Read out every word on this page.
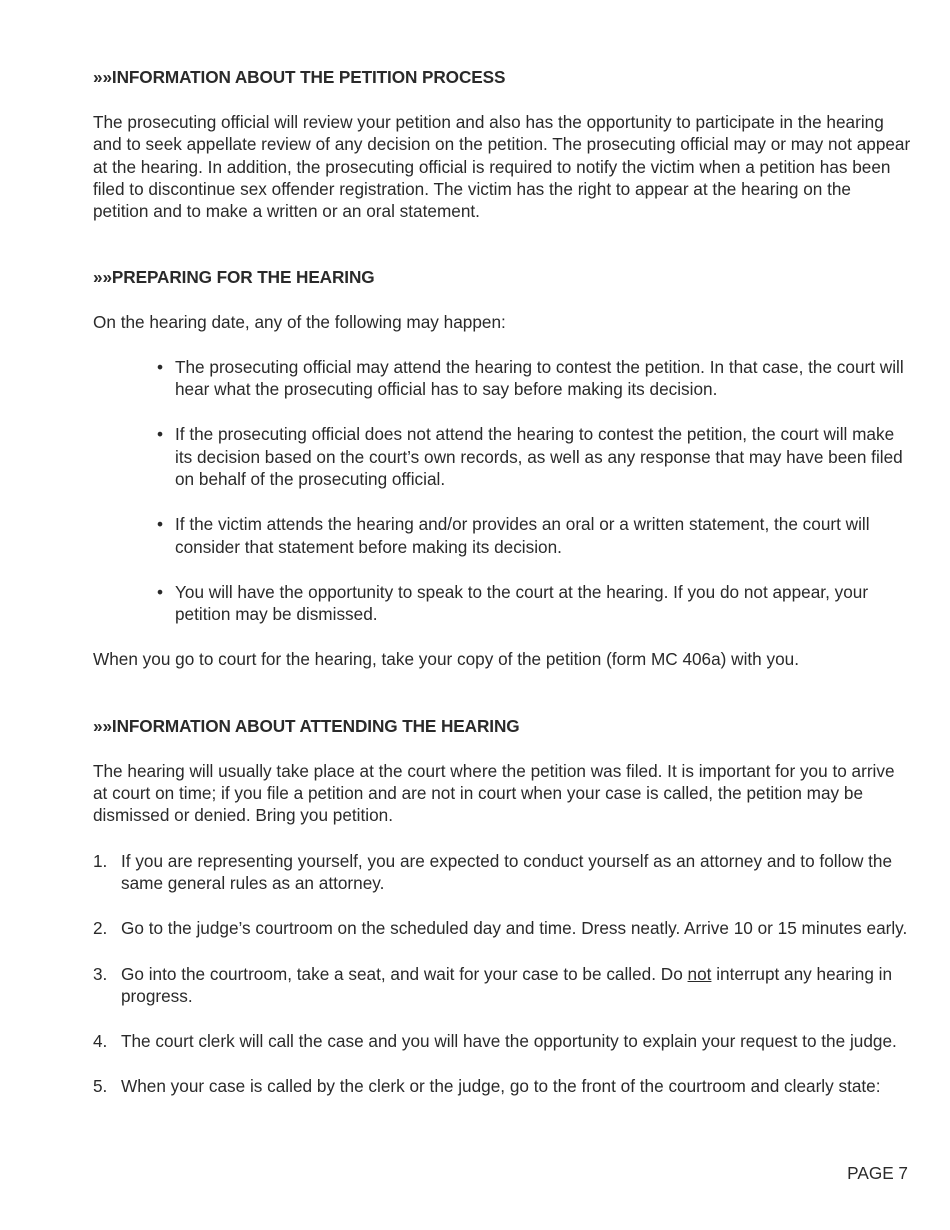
»»INFORMATION ABOUT THE PETITION PROCESS

The prosecuting official will review your petition and also has the opportunity to participate in the hearing and to seek appellate review of any decision on the petition. The prosecuting official may or may not appear at the hearing. In addition, the prosecuting official is required to notify the victim when a petition has been filed to discontinue sex offender registration. The victim has the right to appear at the hearing on the petition and to make a written or an oral statement.

»»PREPARING FOR THE HEARING

On the hearing date, any of the following may happen:

• The prosecuting official may attend the hearing to contest the petition. In that case, the court will hear what the prosecuting official has to say before making its decision.
• If the prosecuting official does not attend the hearing to contest the petition, the court will make its decision based on the court’s own records, as well as any response that may have been filed on behalf of the prosecuting official.
• If the victim attends the hearing and/or provides an oral or a written statement, the court will consider that statement before making its decision.
• You will have the opportunity to speak to the court at the hearing. If you do not appear, your petition may be dismissed.

When you go to court for the hearing, take your copy of the petition (form MC 406a) with you.

»»INFORMATION ABOUT ATTENDING THE HEARING

The hearing will usually take place at the court where the petition was filed. It is important for you to arrive at court on time; if you file a petition and are not in court when your case is called, the petition may be dismissed or denied. Bring you petition.

1. If you are representing yourself, you are expected to conduct yourself as an attorney and to follow the same general rules as an attorney.
2. Go to the judge’s courtroom on the scheduled day and time. Dress neatly. Arrive 10 or 15 minutes early.
3. Go into the courtroom, take a seat, and wait for your case to be called. Do not interrupt any hearing in progress.
4. The court clerk will call the case and you will have the opportunity to explain your request to the judge.
5. When your case is called by the clerk or the judge, go to the front of the courtroom and clearly state:
PAGE 7
